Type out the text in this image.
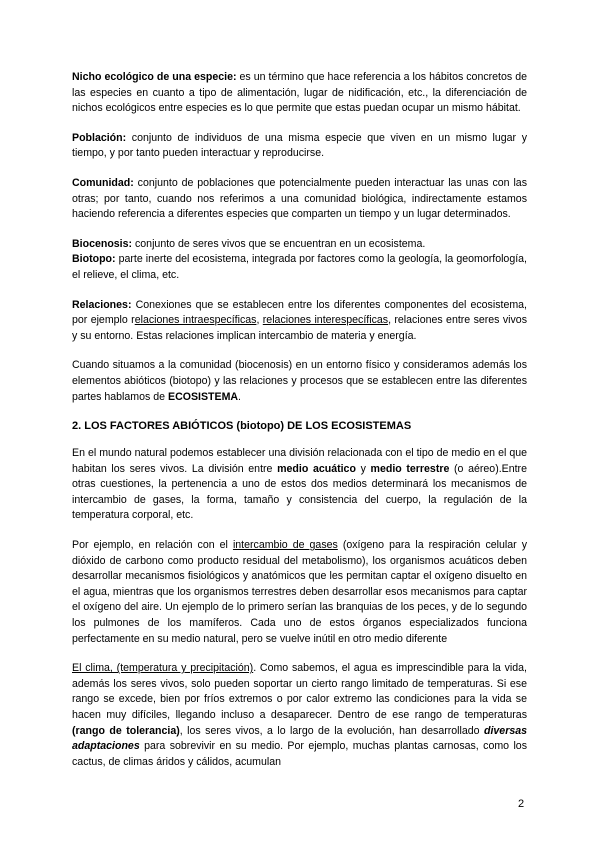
Nicho ecológico de una especie: es un término que hace referencia a los hábitos concretos de las especies en cuanto a tipo de alimentación, lugar de nidificación, etc., la diferenciación de nichos ecológicos entre especies es lo que permite que estas puedan ocupar un mismo hábitat.

Población: conjunto de individuos de una misma especie que viven en un mismo lugar y tiempo, y por tanto pueden interactuar y reproducirse.

Comunidad: conjunto de poblaciones que potencialmente pueden interactuar las unas con las otras; por tanto, cuando nos referimos a una comunidad biológica, indirectamente estamos haciendo referencia a diferentes especies que comparten un tiempo y un lugar determinados.

Biocenosis: conjunto de seres vivos que se encuentran en un ecosistema.

Biotopo: parte inerte del ecosistema, integrada por factores como la geología, la geomorfología, el relieve, el clima, etc.

Relaciones: Conexiones que se establecen entre los diferentes componentes del ecosistema, por ejemplo relaciones intraespecíficas, relaciones interespecíficas, relaciones entre seres vivos y su entorno. Estas relaciones implican intercambio de materia y energía.

Cuando situamos a la comunidad (biocenosis) en un entorno físico y consideramos además los elementos abióticos (biotopo) y las relaciones y procesos que se establecen entre las diferentes partes hablamos de ECOSISTEMA.

2. LOS FACTORES ABIÓTICOS (biotopo) DE LOS ECOSISTEMAS

En el mundo natural podemos establecer una división relacionada con el tipo de medio en el que habitan los seres vivos. La división entre medio acuático y medio terrestre (o aéreo).Entre otras cuestiones, la pertenencia a uno de estos dos medios determinará los mecanismos de intercambio de gases, la forma, tamaño y consistencia del cuerpo, la regulación de la temperatura corporal, etc.

Por ejemplo, en relación con el intercambio de gases (oxígeno para la respiración celular y dióxido de carbono como producto residual del metabolismo), los organismos acuáticos deben desarrollar mecanismos fisiológicos y anatómicos que les permitan captar el oxígeno disuelto en el agua, mientras que los organismos terrestres deben desarrollar esos mecanismos para captar el oxígeno del aire. Un ejemplo de lo primero serían las branquias de los peces, y de lo segundo los pulmones de los mamíferos. Cada uno de estos órganos especializados funciona perfectamente en su medio natural, pero se vuelve inútil en otro medio diferente

El clima, (temperatura y precipitación). Como sabemos, el agua es imprescindible para la vida, además los seres vivos, solo pueden soportar un cierto rango limitado de temperaturas. Si ese rango se excede, bien por fríos extremos o por calor extremo las condiciones para la vida se hacen muy difíciles, llegando incluso a desaparecer. Dentro de ese rango de temperaturas (rango de tolerancia), los seres vivos, a lo largo de la evolución, han desarrollado diversas adaptaciones para sobrevivir en su medio. Por ejemplo, muchas plantas carnosas, como los cactus, de climas áridos y cálidos, acumulan

2
